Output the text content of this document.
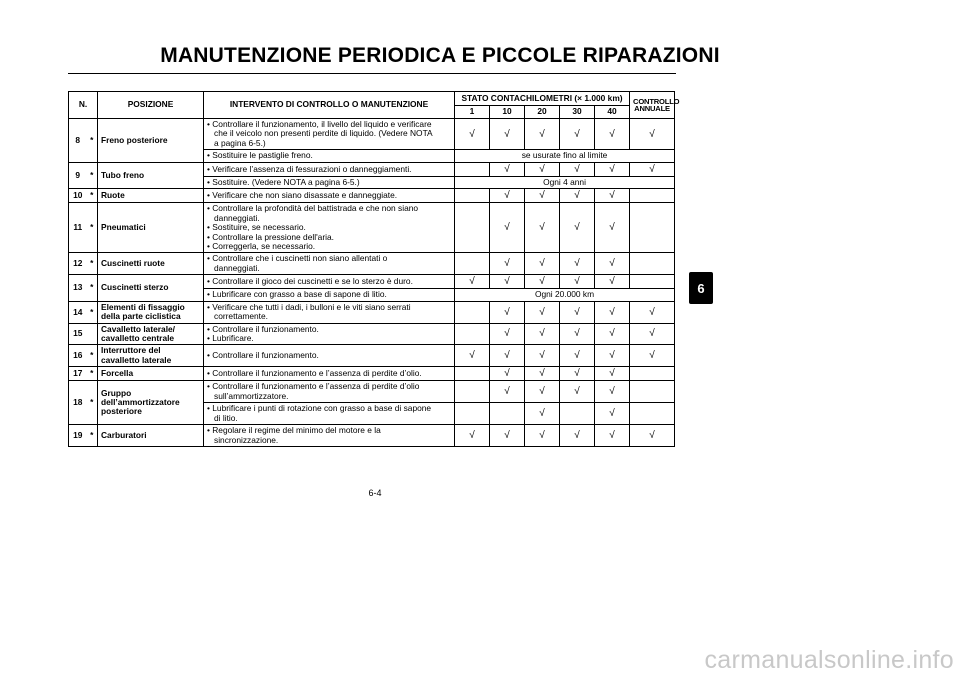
MANUTENZIONE PERIODICA E PICCOLE RIPARAZIONI
N.		POSIZIONE	INTERVENTO DI CONTROLLO O MANUTENZIONE	STATO CONTACHILOMETRI (× 1.000 km)					CONTROLLO
ANNUALE

				1	10	20	30	40	
8	*	Freno posteriore	• Controllare il funzionamento, il livello del liquido e verificare
che il veicolo non presenti perdite di liquido. (Vedere NOTA
a pagina 6-5.)	√	√	√	√	√	√

			• Sostituire le pastiglie freno.	se usurate fino al limite					
9	*	Tubo freno	• Verificare l’assenza di fessurazioni o danneggiamenti.		√	√	√	√	√

			• Sostituire. (Vedere NOTA a pagina 6-5.)	Ogni 4 anni					
10	*	Ruote	• Verificare che non siano disassate e danneggiate.		√	√	√	√	
11	*	Pneumatici	• Controllare la profondità del battistrada e che non siano
danneggiati.
• Sostituire, se necessario.
• Controllare la pressione dell'aria.
• Correggerla, se necessario.		√	√	√	√	
12	*	Cuscinetti ruote	• Controllare che i cuscinetti non siano allentati o
danneggiati.		√	√	√	√	
13	*	Cuscinetti sterzo	• Controllare il gioco dei cuscinetti e se lo sterzo è duro.	√	√	√	√	√	

			• Lubrificare con grasso a base di sapone di litio.	Ogni 20.000 km					
14	*	Elementi di fissaggio della parte ciclistica	• Verificare che tutti i dadi, i bulloni e le viti siano serrati
correttamente.		√	√	√	√	√
15		Cavalletto laterale/ cavalletto centrale	• Controllare il funzionamento.
• Lubrificare.		√	√	√	√	√
16	*	Interruttore del cavalletto laterale	• Controllare il funzionamento.	√	√	√	√	√	√
17	*	Forcella	• Controllare il funzionamento e l’assenza di perdite d’olio.		√	√	√	√	
18	*	Gruppo dell’ammortizzatore posteriore	• Controllare il funzionamento e l’assenza di perdite d’olio
sull’ammortizzatore.		√	√	√	√	

			• Lubrificare i punti di rotazione con grasso a base di sapone
di litio.			√		√	
19	*	Carburatori	• Regolare il regime del minimo del motore e la
sincronizzazione.	√	√	√	√	√	√
6
6-4
carmanualsonline.info
